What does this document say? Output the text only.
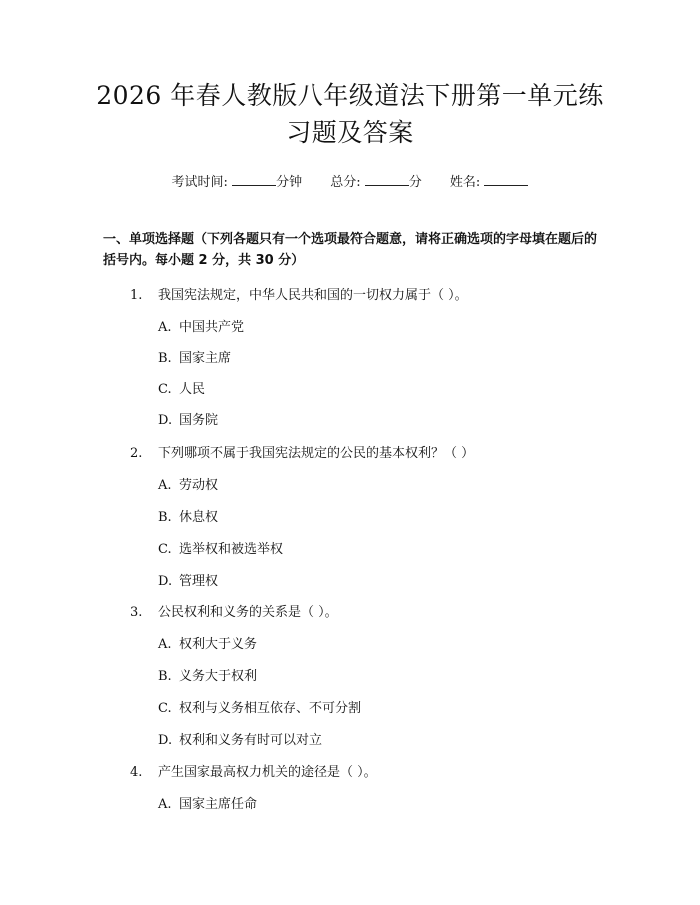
2026 年春人教版八年级道法下册第一单元练
习题及答案
考试时间:	分钟 总分:	分 姓名:
一、单项选择题（下列各题只有一个选项最符合题意，请将正确选项的字母填在题后的括号内。每小题 2 分，共 30 分）
1. 我国宪法规定，中华人民共和国的一切权力属于（ ）。
A. 中国共产党
B. 国家主席
C. 人民
D. 国务院
2. 下列哪项不属于我国宪法规定的公民的基本权利？（ ）
A. 劳动权
B. 休息权
C. 选举权和被选举权
D. 管理权
3. 公民权利和义务的关系是（ ）。
A. 权利大于义务
B. 义务大于权利
C. 权利与义务相互依存、不可分割
D. 权利和义务有时可以对立
4. 产生国家最高权力机关的途径是（ ）。
A. 国家主席任命
